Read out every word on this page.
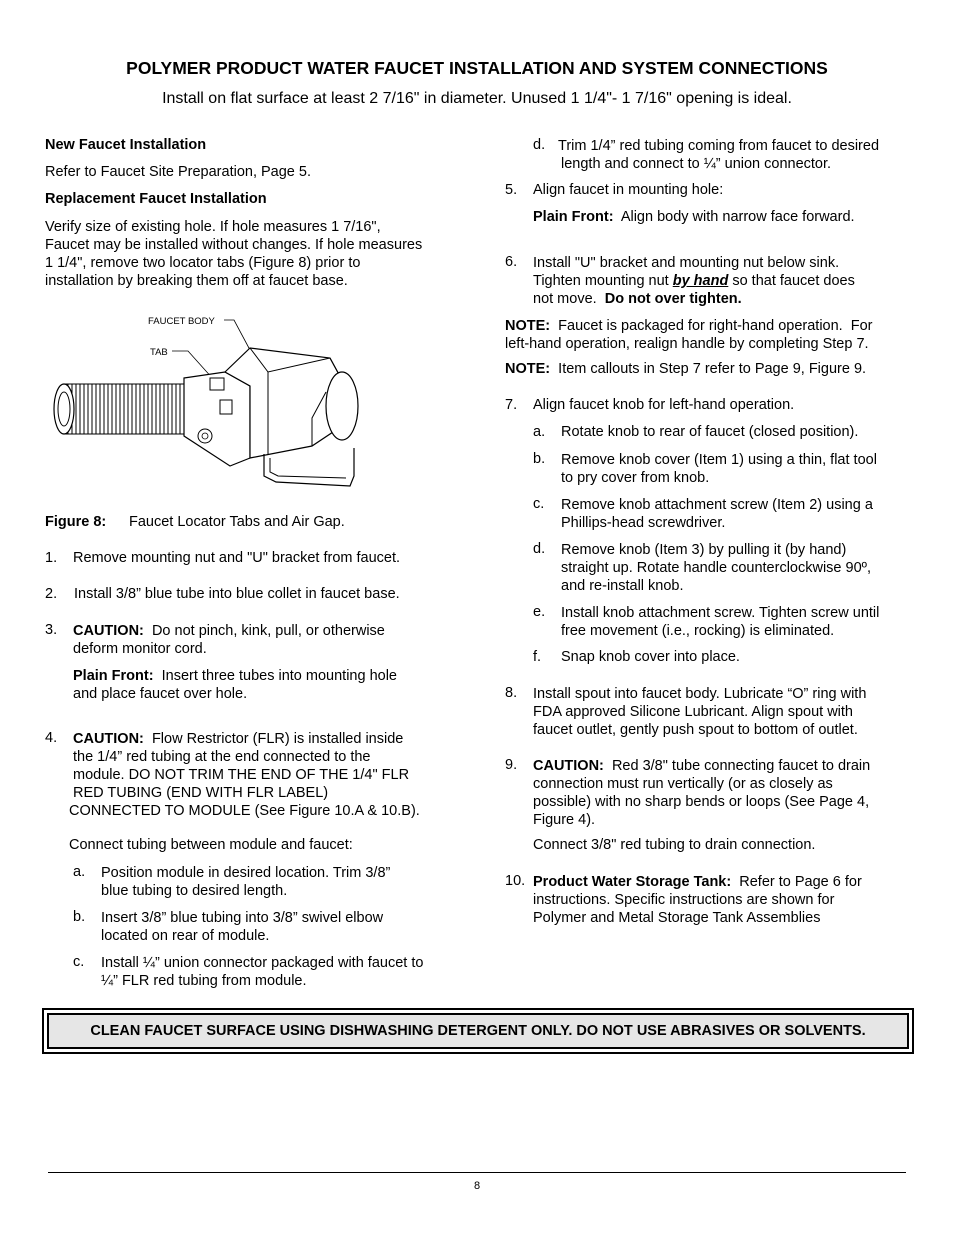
POLYMER PRODUCT WATER FAUCET INSTALLATION AND SYSTEM CONNECTIONS
Install on flat surface at least 2 7/16" in diameter. Unused 1 1/4"- 1 7/16" opening is ideal.
New Faucet Installation
Refer to Faucet Site Preparation, Page 5.
Replacement Faucet Installation
Verify size of existing hole. If hole measures 1 7/16",
Faucet may be installed without changes. If hole measures
1 1/4", remove two locator tabs (Figure 8) prior to
installation by breaking them off at faucet base.
FAUCET BODY
TAB
Figure 8: Faucet Locator Tabs and Air Gap.
1. Remove mounting nut and "U" bracket from faucet.
2. Install 3/8” blue tube into blue collet in faucet base.
3. CAUTION:  Do not pinch, kink, pull, or otherwise
deform monitor cord.
Plain Front:  Insert three tubes into mounting hole
and place faucet over hole.
4. CAUTION:  Flow Restrictor (FLR) is installed inside
the 1/4” red tubing at the end connected to the
module. DO NOT TRIM THE END OF THE 1/4" FLR
RED TUBING (END WITH FLR LABEL)
CONNECTED TO MODULE (See Figure 10.A & 10.B).
Connect tubing between module and faucet:
a. Position module in desired location. Trim 3/8”
blue tubing to desired length.
b. Insert 3/8” blue tubing into 3/8” swivel elbow
located on rear of module.
c. Install ¼” union connector packaged with faucet to
¼” FLR red tubing from module.
d. Trim 1/4” red tubing coming from faucet to desired
length and connect to ¼” union connector.
5. Align faucet in mounting hole:
Plain Front:  Align body with narrow face forward.
6. Install "U" bracket and mounting nut below sink.
Tighten mounting nut by hand so that faucet does
not move.  Do not over tighten.
NOTE:  Faucet is packaged for right-hand operation.  For
left-hand operation, realign handle by completing Step 7.
NOTE:  Item callouts in Step 7 refer to Page 9, Figure 9.
7. Align faucet knob for left-hand operation.
a. Rotate knob to rear of faucet (closed position).
b. Remove knob cover (Item 1) using a thin, flat tool
to pry cover from knob.
c. Remove knob attachment screw (Item 2) using a
Phillips-head screwdriver.
d. Remove knob (Item 3) by pulling it (by hand)
straight up. Rotate handle counterclockwise 90º,
and re-install knob.
e. Install knob attachment screw. Tighten screw until
free movement (i.e., rocking) is eliminated.
f. Snap knob cover into place.
8. Install spout into faucet body. Lubricate “O” ring with
FDA approved Silicone Lubricant. Align spout with
faucet outlet, gently push spout to bottom of outlet.
9. CAUTION:  Red 3/8" tube connecting faucet to drain
connection must run vertically (or as closely as
possible) with no sharp bends or loops (See Page 4,
Figure 4).
Connect 3/8" red tubing to drain connection.
10. Product Water Storage Tank:  Refer to Page 6 for
instructions. Specific instructions are shown for
Polymer and Metal Storage Tank Assemblies
CLEAN FAUCET SURFACE USING DISHWASHING DETERGENT ONLY. DO NOT USE ABRASIVES OR SOLVENTS.
8
